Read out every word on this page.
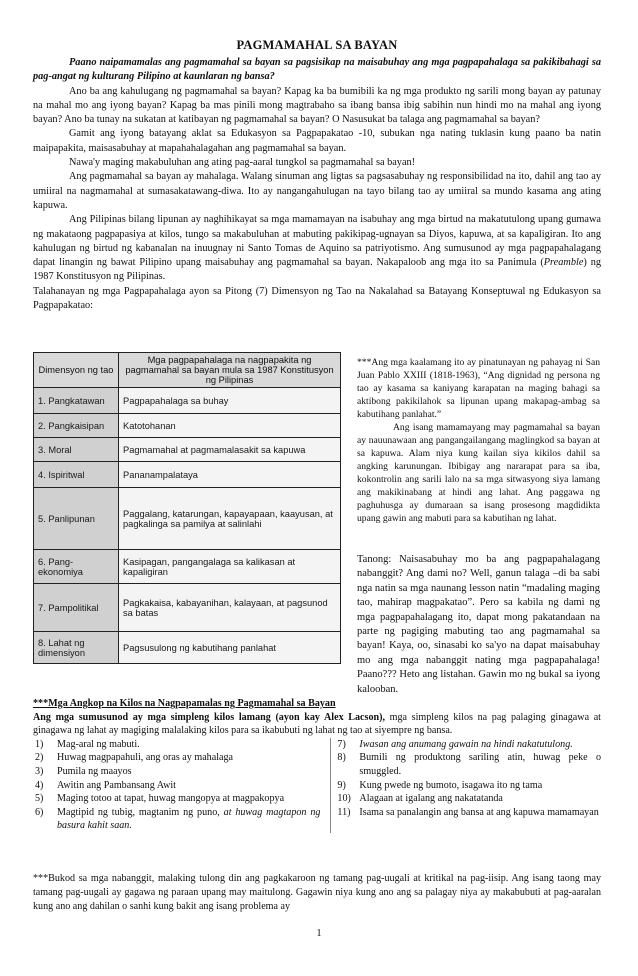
PAGMAMAHAL SA BAYAN

Paano naipamamalas ang pagmamahal sa bayan sa pagsisikap na maisabuhay ang mga pagpapahalaga sa pakikibahagi sa pag-angat ng kulturang Pilipino at kaunlaran ng bansa?

Ano ba ang kahulugang ng pagmamahal sa bayan? Kapag ka ba bumibili ka ng mga produkto ng sarili mong bayan ay patunay na mahal mo ang iyong bayan? Kapag ba mas pinili mong magtrabaho sa ibang bansa ibig sabihin nun hindi mo na mahal ang iyong bayan? Ano ba tunay na sukatan at katibayan ng pagmamahal sa bayan? O Nasusukat ba talaga ang pagmamahal sa bayan?

Gamit ang iyong batayang aklat sa Edukasyon sa Pagpapakatao -10, subukan nga nating tuklasin kung paano ba natin maipapakita, maisasabuhay at mapahahalagahan ang pagmamahal sa bayan.

Nawa'y maging makabuluhan ang ating pag-aaral tungkol sa pagmamahal sa bayan!

Ang pagmamahal sa bayan ay mahalaga. Walang sinuman ang ligtas sa pagsasabuhay ng responsibilidad na ito, dahil ang tao ay umiiral na nagmamahal at sumasakatawang-diwa. Ito ay nangangahulugan na tayo bilang tao ay umiiral sa mundo kasama ang ating kapuwa.

Ang Pilipinas bilang lipunan ay naghihikayat sa mga mamamayan na isabuhay ang mga birtud na makatutulong upang gumawa ng makataong pagpapasiya at kilos, tungo sa makabuluhan at mabuting pakikipag-ugnayan sa Diyos, kapuwa, at sa kapaligiran. Ito ang kahulugan ng birtud ng kabanalan na inuugnay ni Santo Tomas de Aquino sa patriyotismo. Ang sumusunod ay mga pagpapahalagang dapat linangin ng bawat Pilipino upang maisabuhay ang pagmamahal sa bayan. Nakapaloob ang mga ito sa Panimula (Preamble) ng 1987 Konstitusyon ng Pilipinas.

Talahanayan ng mga Pagpapahalaga ayon sa Pitong (7) Dimensyon ng Tao na Nakalahad sa Batayang Konseptuwal ng Edukasyon sa Pagpapakatao:

Dimensyon ng tao	Mga pagpapahalaga na nagpapakita ng pagmamahal sa bayan mula sa 1987 Konstitusyon ng Pilipinas
1. Pangkatawan	Pagpapahalaga sa buhay
2. Pangkaisipan	Katotohanan
3. Moral	Pagmamahal at pagmamalasakit sa kapuwa
4. Ispiritwal	Pananampalataya
5. Panlipunan	Paggalang, katarungan, kapayapaan, kaayusan, at pagkalinga sa pamilya at salinlahi
6. Pang-ekonomiya	Kasipagan, pangangalaga sa kalikasan at kapaligiran
7. Pampolitikal	Pagkakaisa, kabayanihan, kalayaan, at pagsunod sa batas
8. Lahat ng dimensiyon	Pagsusulong ng kabutihang panlahat

***Ang mga kaalamang ito ay pinatunayan ng pahayag ni San Juan Pablo XXIII (1818-1963), “Ang dignidad ng persona ng tao ay kasama sa kaniyang karapatan na maging bahagi sa aktibong pakikilahok sa lipunan upang makapag-ambag sa kabutihang panlahat.”

Ang isang mamamayang may pagmamahal sa bayan ay nauunawaan ang pangangailangang maglingkod sa bayan at sa kapuwa. Alam niya kung kailan siya kikilos dahil sa angking karunungan. Ibibigay ang nararapat para sa iba, kokontrolin ang sarili lalo na sa mga sitwasyong siya lamang ang makikinabang at hindi ang lahat. Ang paggawa ng paghuhusga ay dumaraan sa isang prosesong magdidikta upang gawin ang mabuti para sa kabutihan ng lahat.

Tanong: Naisasabuhay mo ba ang pagpapahalagang nabanggit? Ang dami no? Well, ganun talaga –di ba sabi nga natin sa mga naunang lesson natin “madaling maging tao, mahirap magpakatao”. Pero sa kabila ng dami ng mga pagpapahalagang ito, dapat mong pakatandaan na parte ng pagiging mabuting tao ang pagmamahal sa bayan! Kaya, oo, sinasabi ko sa'yo na dapat maisabuhay mo ang mga nabanggit nating mga pagpapahalaga! Paano??? Heto ang listahan. Gawin mo ng bukal sa iyong kalooban.

***Mga Angkop na Kilos na Nagpapamalas ng Pagmamahal sa Bayan

Ang mga sumusunod ay mga simpleng kilos lamang (ayon kay Alex Lacson), mga simpleng kilos na pag palaging ginagawa at ginagawa ng lahat ay magiging malalaking kilos para sa ikabubuti ng lahat ng tao at siyempre ng bansa.

1)	Mag-aral ng mabuti.
2)	Huwag magpapahuli, ang oras ay mahalaga
3)	Pumila ng maayos
4)	Awitin ang Pambansang Awit
5)	Maging totoo at tapat, huwag mangopya at magpakopya
6)	Magtipid ng tubig, magtanim ng puno, at huwag magtapon ng basura kahit saan.
7)	Iwasan ang anumang gawain na hindi nakatutulong.
8)	Bumili ng produktong sariling atin, huwag peke o smuggled.
9)	Kung pwede ng bumoto, isagawa ito ng tama
10) Alagaan at igalang ang nakatatanda
11) Isama sa panalangin ang bansa at ang kapuwa mamamayan

***Bukod sa mga nabanggit, malaking tulong din ang pagkakaroon ng tamang pag-uugali at kritikal na pag-iisip. Ang isang taong may tamang pag-uugali ay gagawa ng paraan upang may maitulong. Gagawin niya kung ano ang sa palagay niya ay makabubuti at pag-aaralan kung ano ang dahilan o sanhi kung bakit ang isang problema ay

1
